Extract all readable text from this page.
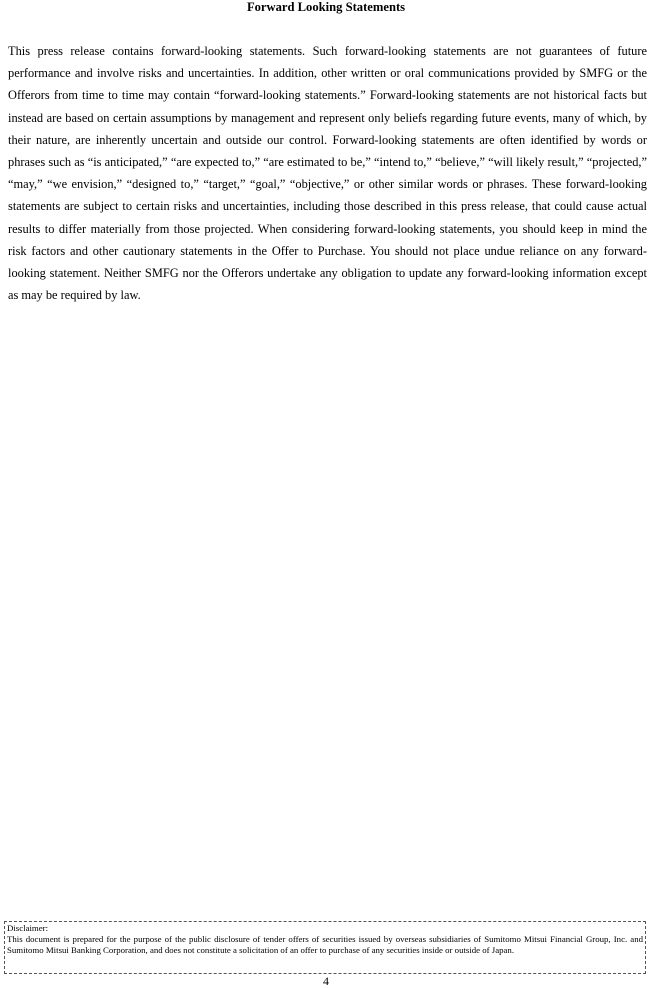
Forward Looking Statements
This press release contains forward-looking statements. Such forward-looking statements are not guarantees of future performance and involve risks and uncertainties. In addition, other written or oral communications provided by SMFG or the Offerors from time to time may contain “forward-looking statements.” Forward-looking statements are not historical facts but instead are based on certain assumptions by management and represent only beliefs regarding future events, many of which, by their nature, are inherently uncertain and outside our control. Forward-looking statements are often identified by words or phrases such as “is anticipated,” “are expected to,” “are estimated to be,” “intend to,” “believe,” “will likely result,” “projected,” “may,” “we envision,” “designed to,” “target,” “goal,” “objective,” or other similar words or phrases. These forward-looking statements are subject to certain risks and uncertainties, including those described in this press release, that could cause actual results to differ materially from those projected. When considering forward-looking statements, you should keep in mind the risk factors and other cautionary statements in the Offer to Purchase. You should not place undue reliance on any forward-looking statement. Neither SMFG nor the Offerors undertake any obligation to update any forward-looking information except as may be required by law.
Disclaimer:
This document is prepared for the purpose of the public disclosure of tender offers of securities issued by overseas subsidiaries of Sumitomo Mitsui Financial Group, Inc. and Sumitomo Mitsui Banking Corporation, and does not constitute a solicitation of an offer to purchase of any securities inside or outside of Japan.
4
